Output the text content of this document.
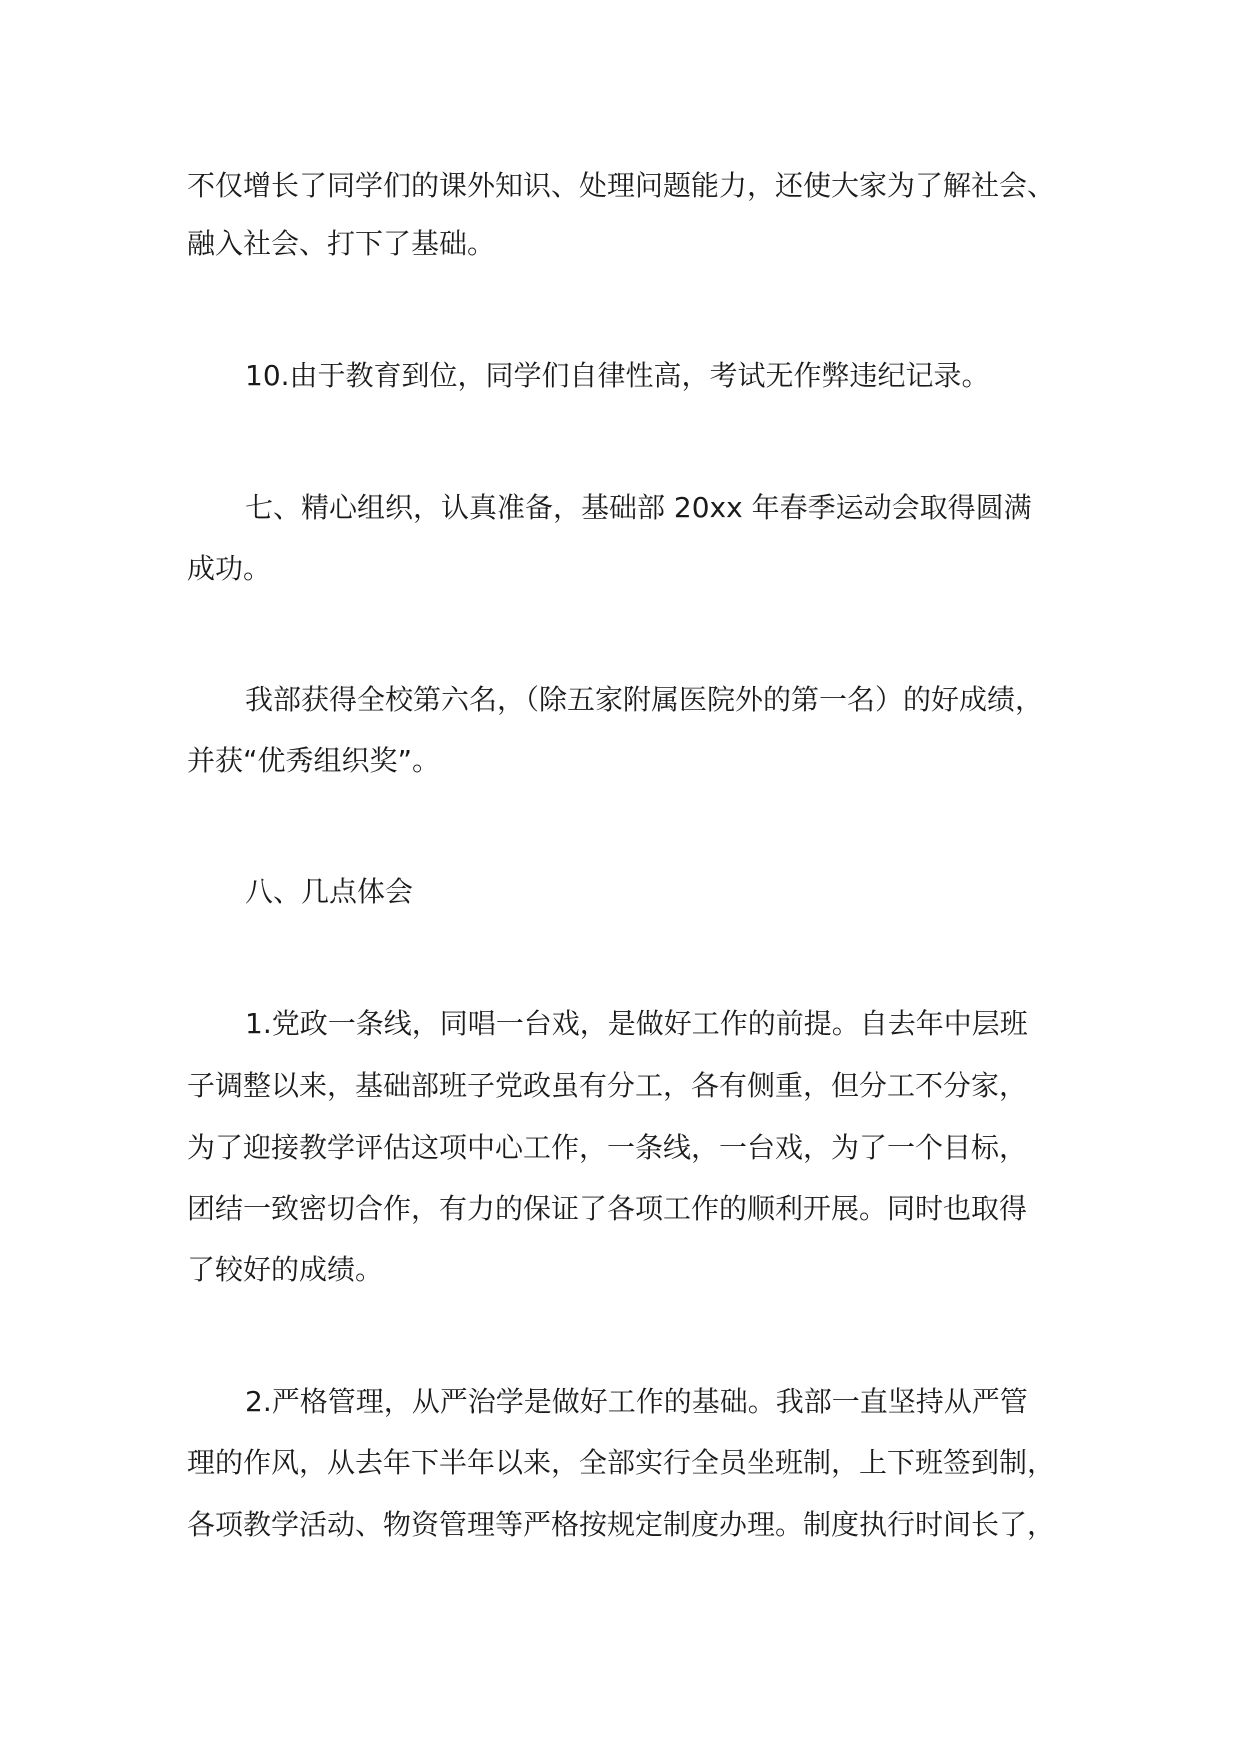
不仅增长了同学们的课外知识、处理问题能力，还使大家为了解社会、

融入社会、打下了基础。

10.由于教育到位，同学们自律性高，考试无作弊违纪记录。

七、精心组织，认真准备，基础部 20xx 年春季运动会取得圆满

成功。

我部获得全校第六名，（除五家附属医院外的第一名）的好成绩，

并获“优秀组织奖”。

八、几点体会

1.党政一条线，同唱一台戏，是做好工作的前提。自去年中层班

子调整以来，基础部班子党政虽有分工，各有侧重，但分工不分家，

为了迎接教学评估这项中心工作，一条线，一台戏，为了一个目标，

团结一致密切合作，有力的保证了各项工作的顺利开展。同时也取得

了较好的成绩。

2.严格管理，从严治学是做好工作的基础。我部一直坚持从严管

理的作风，从去年下半年以来，全部实行全员坐班制，上下班签到制，

各项教学活动、物资管理等严格按规定制度办理。制度执行时间长了，
